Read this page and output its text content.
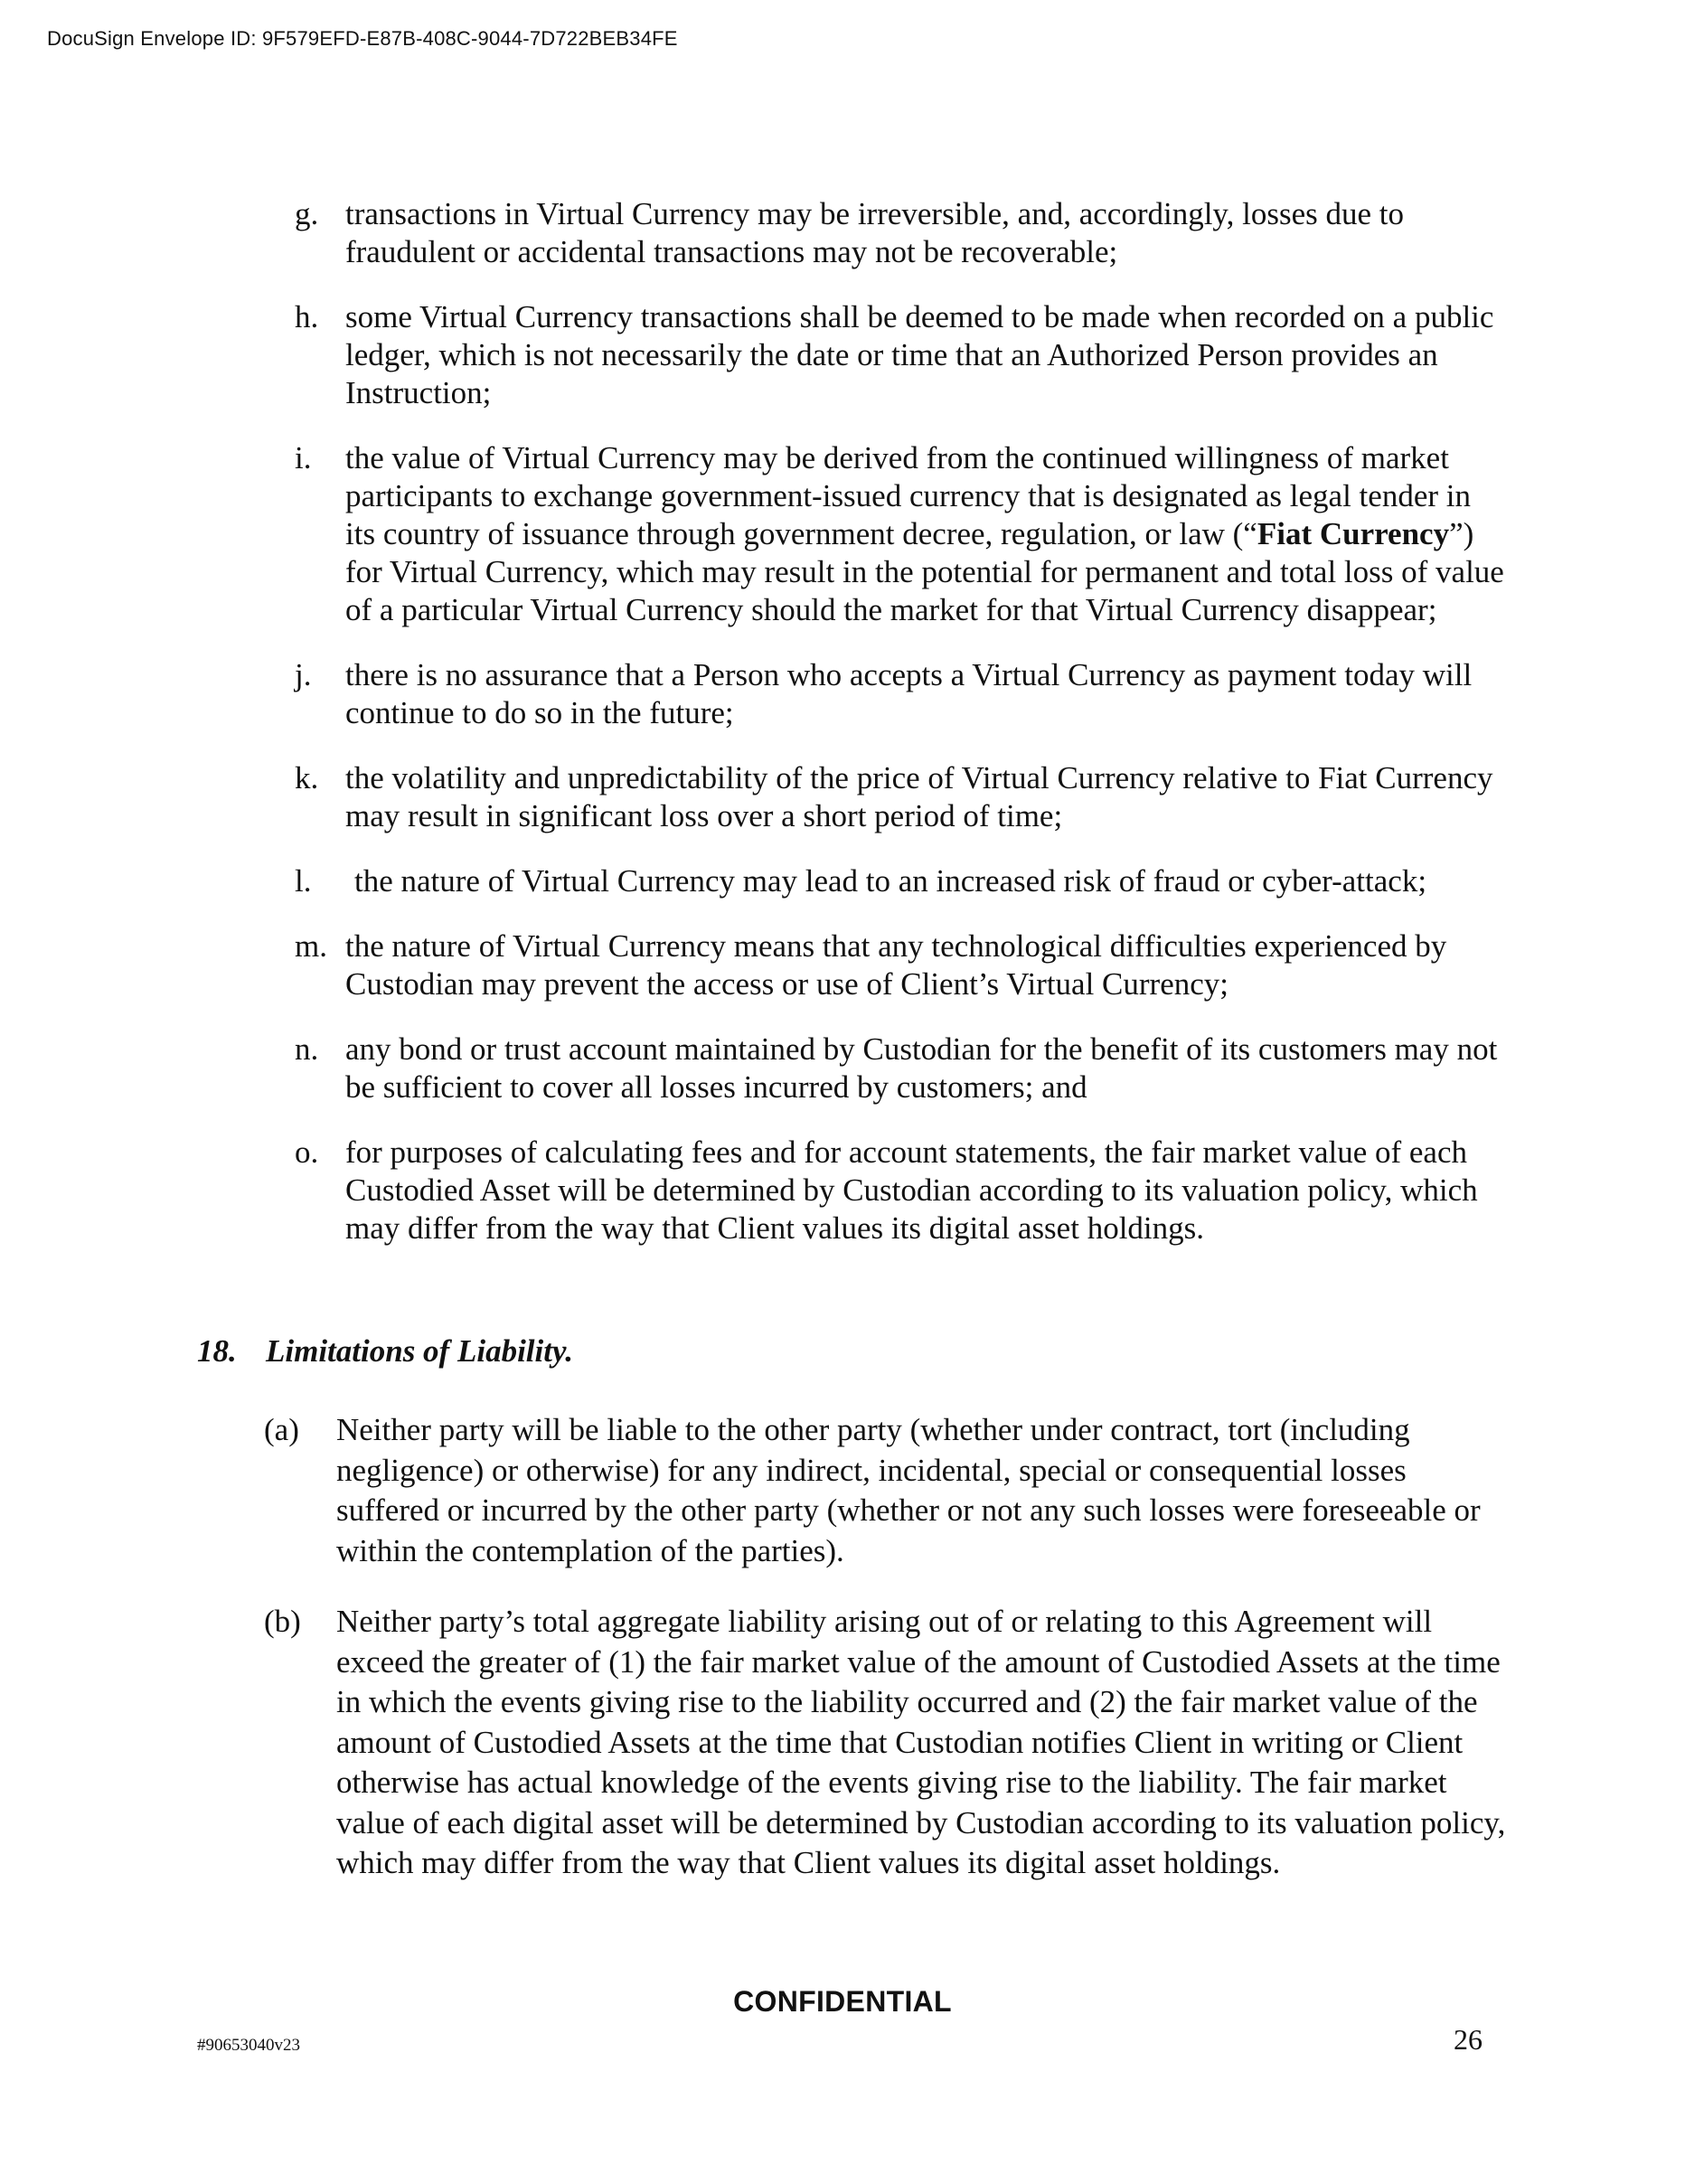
DocuSign Envelope ID: 9F579EFD-E87B-408C-9044-7D722BEB34FE
g. transactions in Virtual Currency may be irreversible, and, accordingly, losses due to fraudulent or accidental transactions may not be recoverable;
h. some Virtual Currency transactions shall be deemed to be made when recorded on a public ledger, which is not necessarily the date or time that an Authorized Person provides an Instruction;
i. the value of Virtual Currency may be derived from the continued willingness of market participants to exchange government-issued currency that is designated as legal tender in its country of issuance through government decree, regulation, or law (“Fiat Currency”) for Virtual Currency, which may result in the potential for permanent and total loss of value of a particular Virtual Currency should the market for that Virtual Currency disappear;
j. there is no assurance that a Person who accepts a Virtual Currency as payment today will continue to do so in the future;
k. the volatility and unpredictability of the price of Virtual Currency relative to Fiat Currency may result in significant loss over a short period of time;
l. the nature of Virtual Currency may lead to an increased risk of fraud or cyber-attack;
m. the nature of Virtual Currency means that any technological difficulties experienced by Custodian may prevent the access or use of Client’s Virtual Currency;
n. any bond or trust account maintained by Custodian for the benefit of its customers may not be sufficient to cover all losses incurred by customers; and
o. for purposes of calculating fees and for account statements, the fair market value of each Custodied Asset will be determined by Custodian according to its valuation policy, which may differ from the way that Client values its digital asset holdings.
18. Limitations of Liability.
(a) Neither party will be liable to the other party (whether under contract, tort (including negligence) or otherwise) for any indirect, incidental, special or consequential losses suffered or incurred by the other party (whether or not any such losses were foreseeable or within the contemplation of the parties).
(b) Neither party’s total aggregate liability arising out of or relating to this Agreement will exceed the greater of (1) the fair market value of the amount of Custodied Assets at the time in which the events giving rise to the liability occurred and (2) the fair market value of the amount of Custodied Assets at the time that Custodian notifies Client in writing or Client otherwise has actual knowledge of the events giving rise to the liability. The fair market value of each digital asset will be determined by Custodian according to its valuation policy, which may differ from the way that Client values its digital asset holdings.
CONFIDENTIAL
#90653040v23	26
